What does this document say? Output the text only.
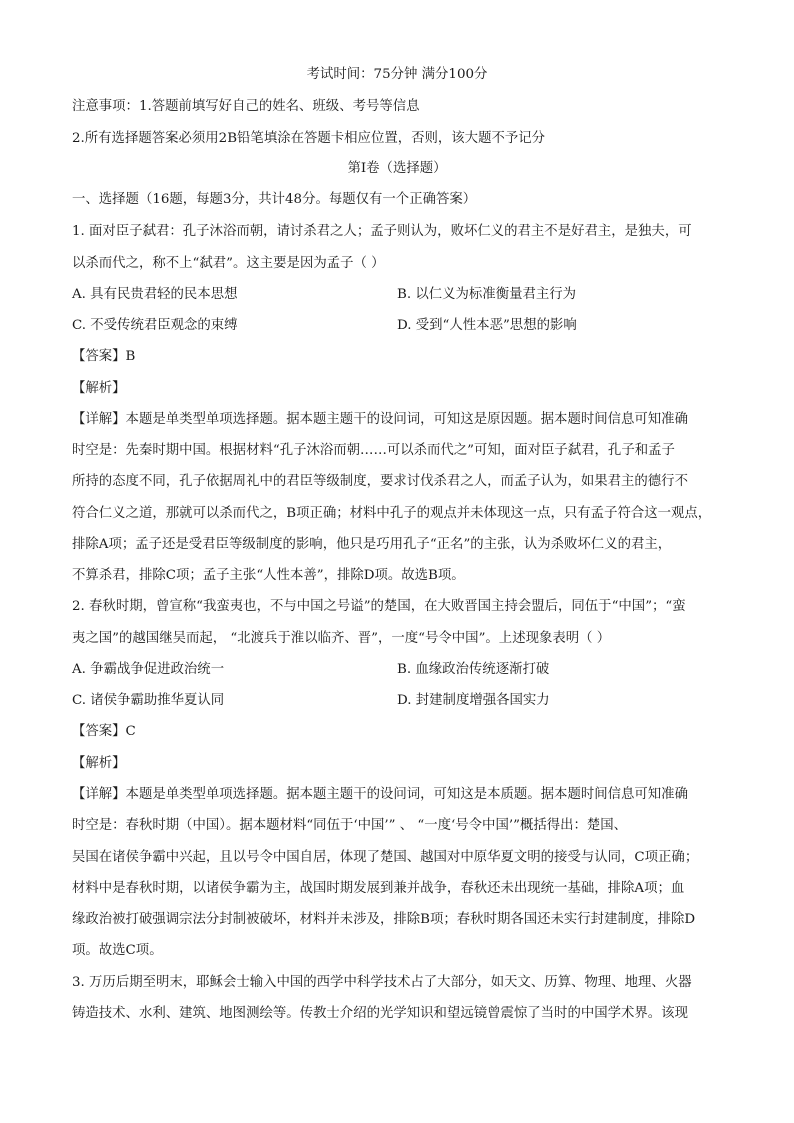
考试时间：75分钟 满分100分
注意事项：1.答题前填写好自己的姓名、班级、考号等信息
2.所有选择题答案必须用2B铅笔填涂在答题卡相应位置，否则，该大题不予记分
第Ⅰ卷（选择题）
一、选择题（16题，每题3分，共计48分。每题仅有一个正确答案）
1. 面对臣子弑君：孔子沐浴而朝，请讨杀君之人；孟子则认为，败坏仁义的君主不是好君主，是独夫，可
以杀而代之，称不上“弑君”。这主要是因为孟子（ ）
A. 具有民贵君轻的民本思想	B. 以仁义为标准衡量君主行为
C. 不受传统君臣观念的束缚	D. 受到“人性本恶”思想的影响
【答案】B
【解析】
【详解】本题是单类型单项选择题。据本题主题干的设问词，可知这是原因题。据本题时间信息可知准确
时空是：先秦时期中国。根据材料“孔子沐浴而朝……可以杀而代之”可知，面对臣子弑君，孔子和孟子
所持的态度不同，孔子依据周礼中的君臣等级制度，要求讨伐杀君之人，而孟子认为，如果君主的德行不
符合仁义之道，那就可以杀而代之，B项正确；材料中孔子的观点并未体现这一点，只有孟子符合这一观点，
排除A项；孟子还是受君臣等级制度的影响，他只是巧用孔子“正名”的主张，认为杀败坏仁义的君主，
不算杀君，排除C项；孟子主张“人性本善”，排除D项。故选B项。
2. 春秋时期，曾宣称“我蛮夷也，不与中国之号谥”的楚国，在大败晋国主持会盟后，同伍于“中国”；“蛮
夷之国”的越国继吴而起， “北渡兵于淮以临齐、晋”，一度“号令中国”。上述现象表明（ ）
A. 争霸战争促进政治统一	B. 血缘政治传统逐渐打破
C. 诸侯争霸助推华夏认同	D. 封建制度增强各国实力
【答案】C
【解析】
【详解】本题是单类型单项选择题。据本题主题干的设问词，可知这是本质题。据本题时间信息可知准确
时空是：春秋时期（中国）。据本题材料“同伍于‘中国’” 、 “一度‘号令中国’”概括得出：楚国、
吴国在诸侯争霸中兴起，且以号令中国自居，体现了楚国、越国对中原华夏文明的接受与认同，C项正确；
材料中是春秋时期，以诸侯争霸为主，战国时期发展到兼并战争，春秋还未出现统一基础，排除A项；血
缘政治被打破强调宗法分封制被破坏，材料并未涉及，排除B项；春秋时期各国还未实行封建制度，排除D
项。故选C项。
3. 万历后期至明末，耶稣会士输入中国的西学中科学技术占了大部分，如天文、历算、物理、地理、火器
铸造技术、水利、建筑、地图测绘等。传教士介绍的光学知识和望远镜曾震惊了当时的中国学术界。该现
